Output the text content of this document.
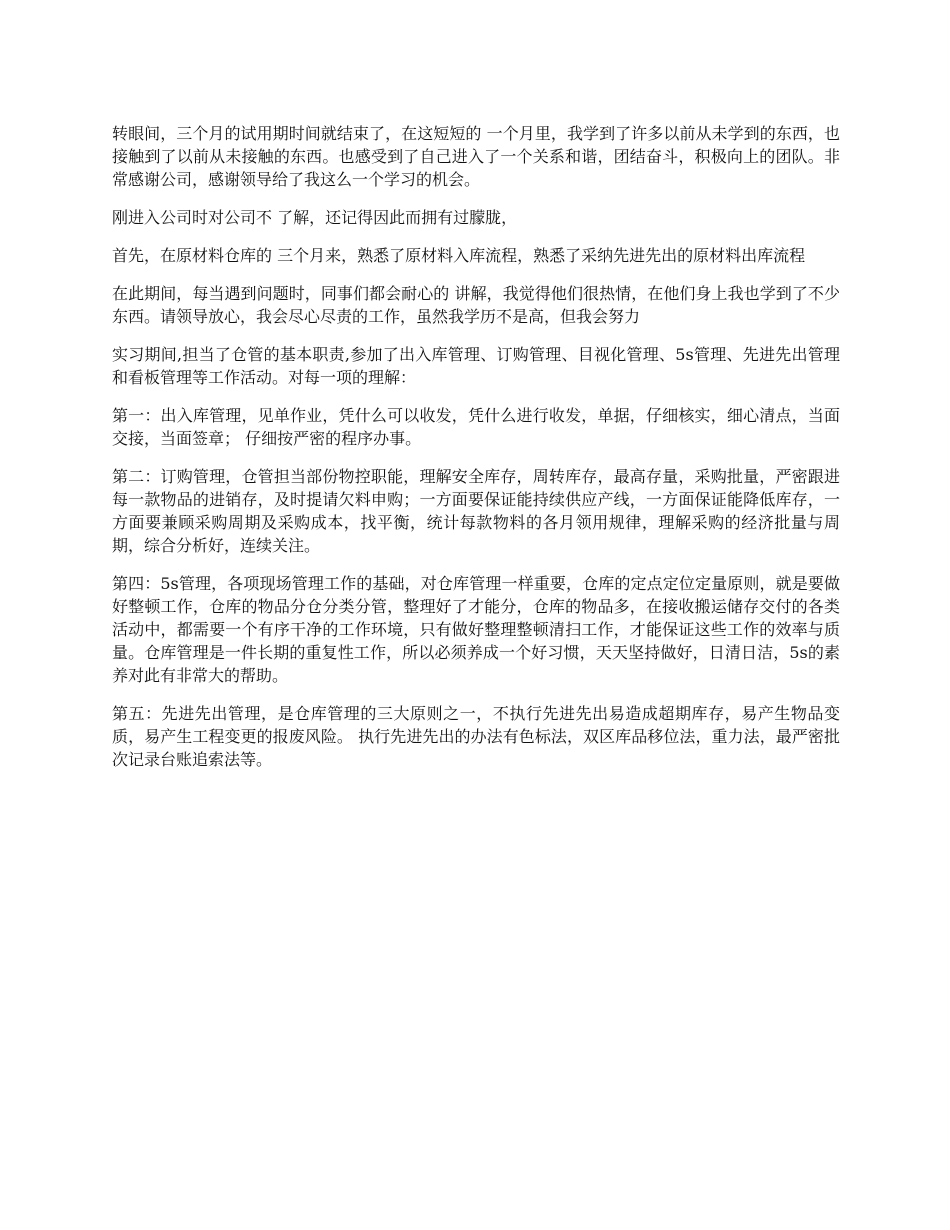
转眼间，三个月的试用期时间就结束了，在这短短的 一个月里，我学到了许多以前从未学到的东西，也接触到了以前从未接触的东西。也感受到了自己进入了一个关系和谐，团结奋斗，积极向上的团队。非常感谢公司，感谢领导给了我这么一个学习的机会。

刚进入公司时对公司不 了解，还记得因此而拥有过朦胧，

首先，在原材料仓库的 三个月来，熟悉了原材料入库流程，熟悉了采纳先进先出的原材料出库流程

在此期间，每当遇到问题时，同事们都会耐心的 讲解，我觉得他们很热情，在他们身上我也学到了不少东西。请领导放心，我会尽心尽责的工作，虽然我学历不是高，但我会努力

实习期间,担当了仓管的基本职责,参加了出入库管理、订购管理、目视化管理、5s管理、先进先出管理和看板管理等工作活动。对每一项的理解：

第一：出入库管理，见单作业，凭什么可以收发，凭什么进行收发，单据，仔细核实，细心清点，当面交接，当面签章； 仔细按严密的程序办事。

第二：订购管理，仓管担当部份物控职能，理解安全库存，周转库存，最高存量，采购批量，严密跟进每一款物品的进销存，及时提请欠料申购；一方面要保证能持续供应产线，一方面保证能降低库存，一方面要兼顾采购周期及采购成本，找平衡，统计每款物料的各月领用规律，理解采购的经济批量与周期，综合分析好，连续关注。

第四：5s管理，各项现场管理工作的基础，对仓库管理一样重要，仓库的定点定位定量原则，就是要做好整顿工作，仓库的物品分仓分类分管，整理好了才能分，仓库的物品多，在接收搬运储存交付的各类活动中，都需要一个有序干净的工作环境，只有做好整理整顿清扫工作，才能保证这些工作的效率与质量。仓库管理是一件长期的重复性工作，所以必须养成一个好习惯，天天坚持做好，日清日洁，5s的素养对此有非常大的帮助。

第五：先进先出管理，是仓库管理的三大原则之一，不执行先进先出易造成超期库存，易产生物品变质，易产生工程变更的报废风险。 执行先进先出的办法有色标法，双区库品移位法，重力法，最严密批次记录台账追索法等。
